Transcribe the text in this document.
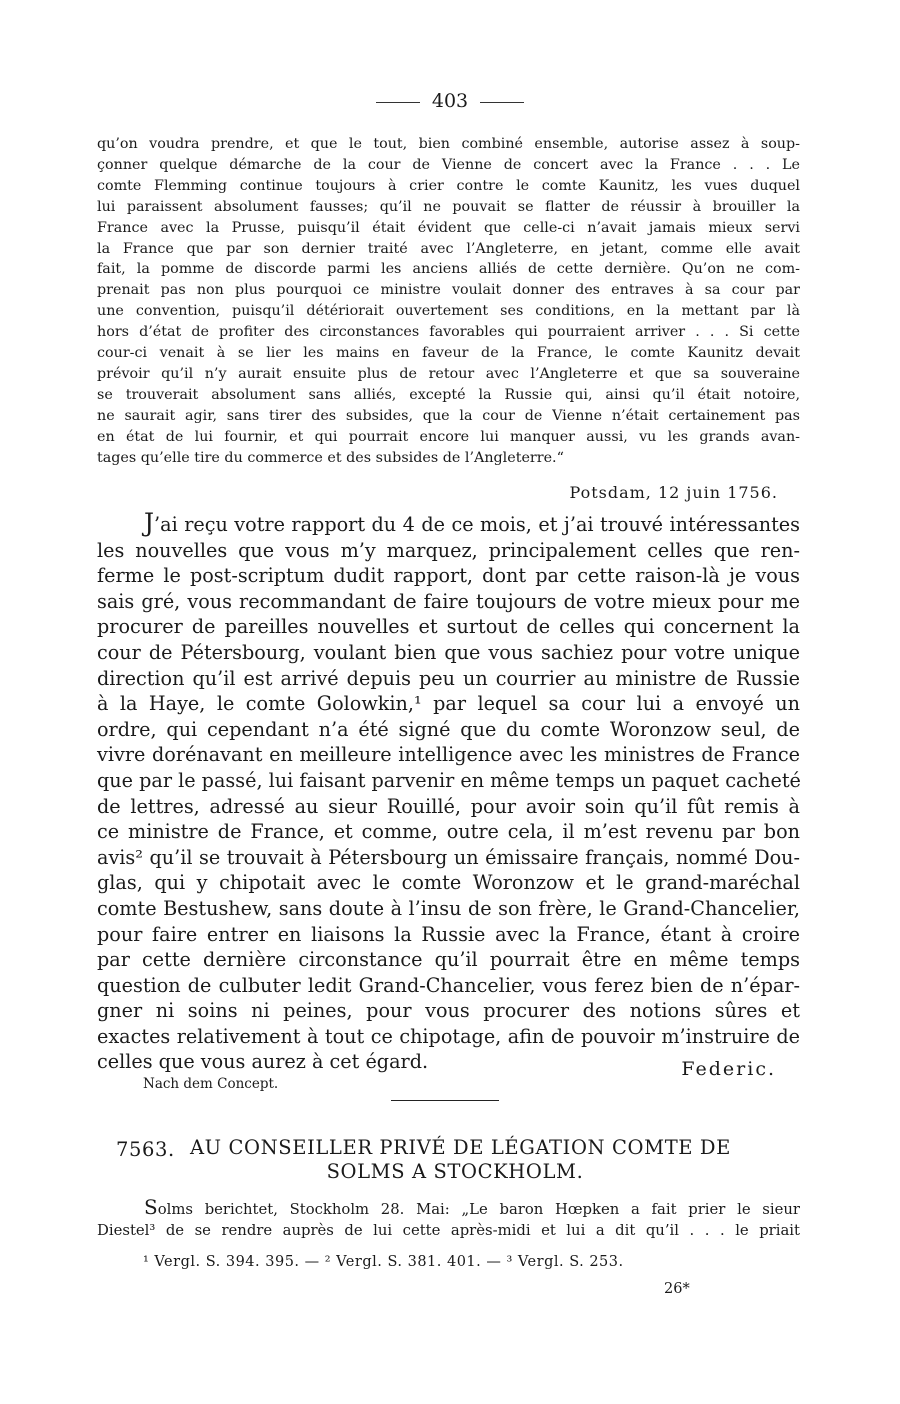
403
qu’on voudra prendre, et que le tout, bien combiné ensemble, autorise assez à soup-
çonner quelque démarche de la cour de Vienne de concert avec la France . . . Le
comte Flemming continue toujours à crier contre le comte Kaunitz, les vues duquel
lui paraissent absolument fausses; qu’il ne pouvait se flatter de réussir à brouiller la
France avec la Prusse, puisqu’il était évident que celle-ci n’avait jamais mieux servi
la France que par son dernier traité avec l’Angleterre, en jetant, comme elle avait
fait, la pomme de discorde parmi les anciens alliés de cette dernière. Qu’on ne com-
prenait pas non plus pourquoi ce ministre voulait donner des entraves à sa cour par
une convention, puisqu’il détériorait ouvertement ses conditions, en la mettant par là
hors d’état de profiter des circonstances favorables qui pourraient arriver . . . Si cette
cour-ci venait à se lier les mains en faveur de la France, le comte Kaunitz devait
prévoir qu’il n’y aurait ensuite plus de retour avec l’Angleterre et que sa souveraine
se trouverait absolument sans alliés, excepté la Russie qui, ainsi qu’il était notoire,
ne saurait agir, sans tirer des subsides, que la cour de Vienne n’était certainement pas
en état de lui fournir, et qui pourrait encore lui manquer aussi, vu les grands avan-
tages qu’elle tire du commerce et des subsides de l’Angleterre.“
Potsdam, 12 juin 1756.
J’ai reçu votre rapport du 4 de ce mois, et j’ai trouvé intéressantes
les nouvelles que vous m’y marquez, principalement celles que ren-
ferme le post-scriptum dudit rapport, dont par cette raison-là je vous
sais gré, vous recommandant de faire toujours de votre mieux pour me
procurer de pareilles nouvelles et surtout de celles qui concernent la
cour de Pétersbourg, voulant bien que vous sachiez pour votre unique
direction qu’il est arrivé depuis peu un courrier au ministre de Russie
à la Haye, le comte Golowkin,¹ par lequel sa cour lui a envoyé un
ordre, qui cependant n’a été signé que du comte Woronzow seul, de
vivre dorénavant en meilleure intelligence avec les ministres de France
que par le passé, lui faisant parvenir en même temps un paquet cacheté
de lettres, adressé au sieur Rouillé, pour avoir soin qu’il fût remis à
ce ministre de France, et comme, outre cela, il m’est revenu par bon
avis² qu’il se trouvait à Pétersbourg un émissaire français, nommé Dou-
glas, qui y chipotait avec le comte Woronzow et le grand-maréchal
comte Bestushew, sans doute à l’insu de son frère, le Grand-Chancelier,
pour faire entrer en liaisons la Russie avec la France, étant à croire
par cette dernière circonstance qu’il pourrait être en même temps
question de culbuter ledit Grand-Chancelier, vous ferez bien de n’épar-
gner ni soins ni peines, pour vous procurer des notions sûres et
exactes relativement à tout ce chipotage, afin de pouvoir m’instruire de
celles que vous aurez à cet égard.	Federic.
Nach dem Concept.
7563. AU CONSEILLER PRIVÉ DE LÉGATION COMTE DE
SOLMS A STOCKHOLM.
Solms berichtet, Stockholm 28. Mai: „Le baron Hœpken a fait prier le sieur
Diestel³ de se rendre auprès de lui cette après-midi et lui a dit qu’il . . . le priait
¹ Vergl. S. 394. 395. — ² Vergl. S. 381. 401. — ³ Vergl. S. 253.
26*
